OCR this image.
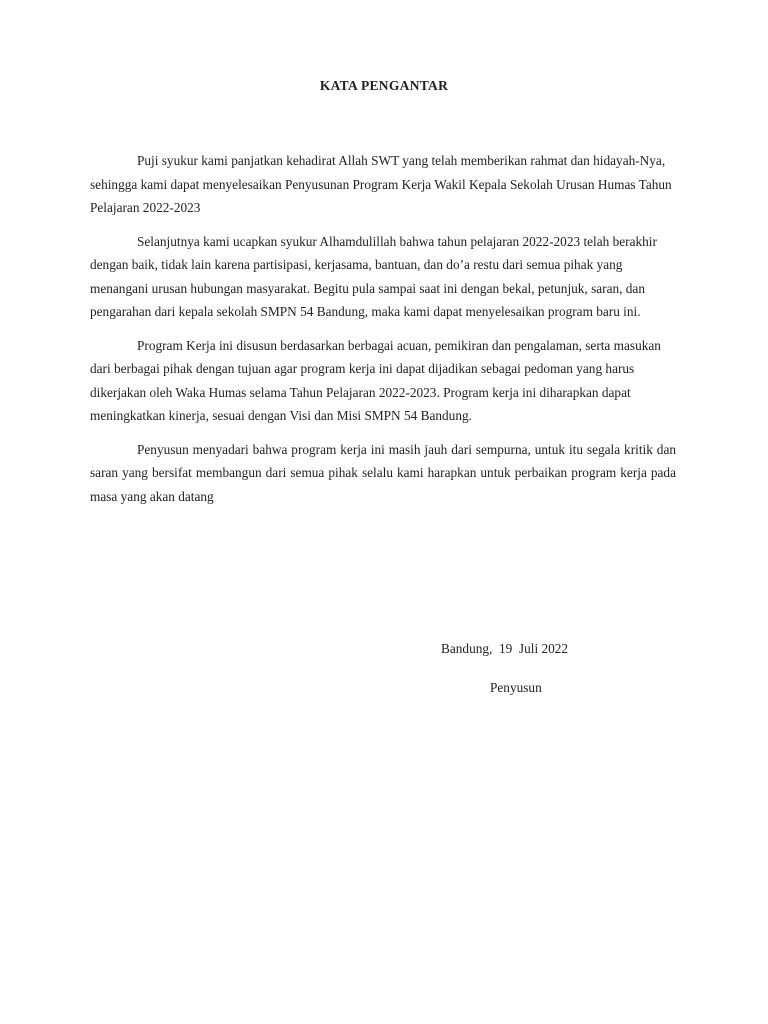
KATA PENGANTAR

Puji syukur kami panjatkan kehadirat Allah SWT yang telah memberikan rahmat dan hidayah-Nya, sehingga kami dapat menyelesaikan Penyusunan Program Kerja Wakil Kepala Sekolah Urusan Humas Tahun Pelajaran 2022-2023

Selanjutnya kami ucapkan syukur Alhamdulillah bahwa tahun pelajaran 2022-2023 telah berakhir dengan baik, tidak lain karena partisipasi, kerjasama, bantuan, dan do’a restu dari semua pihak yang menangani urusan hubungan masyarakat. Begitu pula sampai saat ini dengan bekal, petunjuk, saran, dan pengarahan dari kepala sekolah SMPN 54 Bandung, maka kami dapat menyelesaikan program baru ini.

Program Kerja ini disusun berdasarkan berbagai acuan, pemikiran dan pengalaman, serta masukan dari berbagai pihak dengan tujuan agar program kerja ini dapat dijadikan sebagai pedoman yang harus dikerjakan oleh Waka Humas selama Tahun Pelajaran 2022-2023. Program kerja ini diharapkan dapat meningkatkan kinerja, sesuai dengan Visi dan Misi SMPN 54 Bandung.

Penyusun menyadari bahwa program kerja ini masih jauh dari sempurna, untuk itu segala kritik dan saran yang bersifat membangun dari semua pihak selalu kami harapkan untuk perbaikan program kerja pada masa yang akan datang

Bandung,  19  Juli 2022
Penyusun
